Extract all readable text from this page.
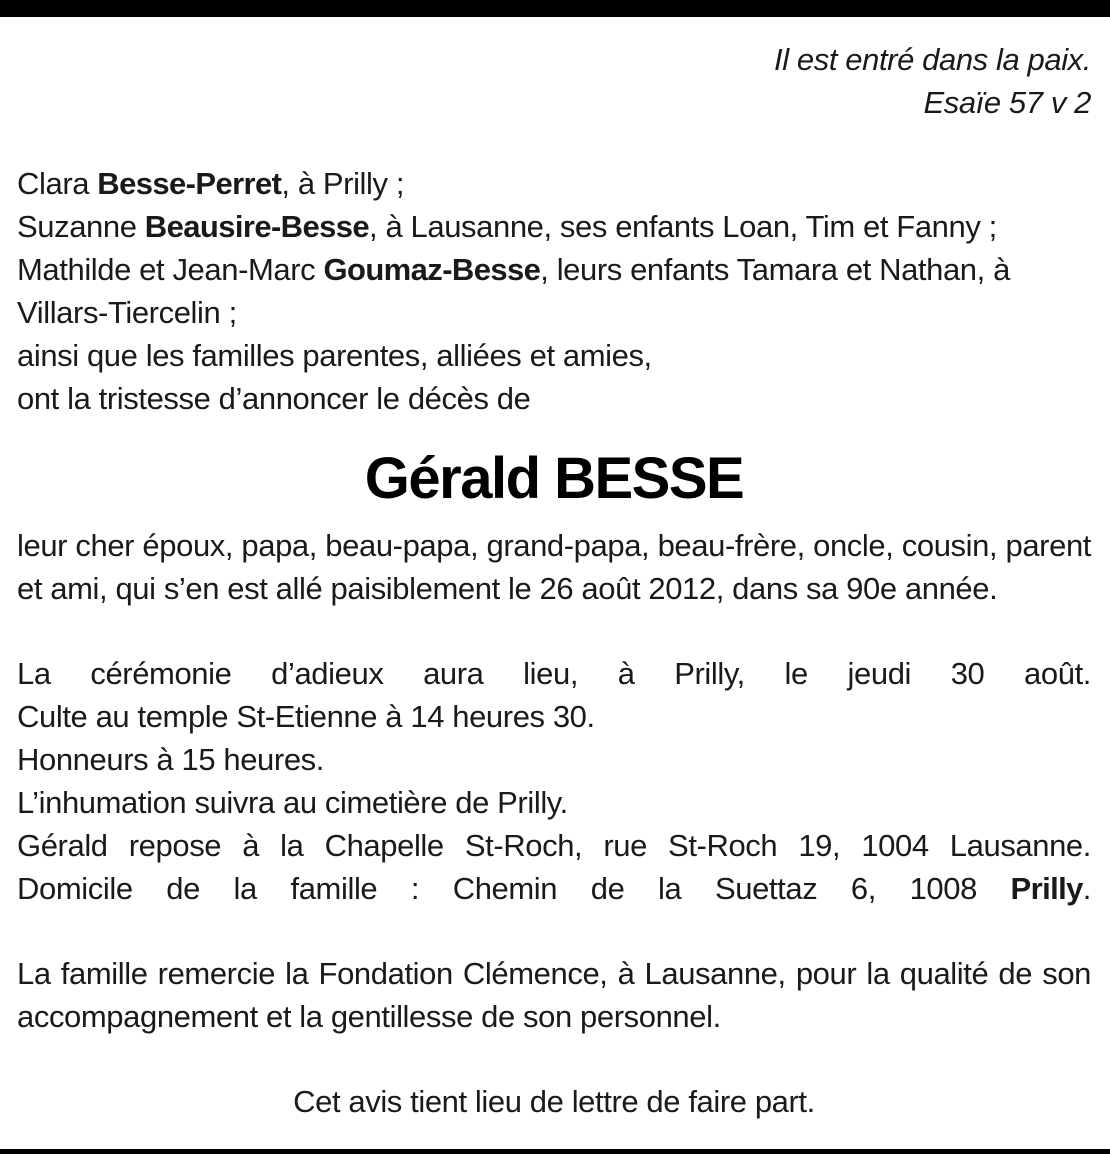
Il est entré dans la paix.
Esaïe 57 v 2
Clara Besse-Perret, à Prilly ;
Suzanne Beausire-Besse, à Lausanne, ses enfants Loan, Tim et Fanny ;
Mathilde et Jean-Marc Goumaz-Besse, leurs enfants Tamara et Nathan, à Villars-Tiercelin ;
ainsi que les familles parentes, alliées et amies,
ont la tristesse d’annoncer le décès de
Gérald BESSE
leur cher époux, papa, beau-papa, grand-papa, beau-frère, oncle, cousin, parent et ami, qui s’en est allé paisiblement le 26 août 2012, dans sa 90e année.
La cérémonie d’adieux aura lieu, à Prilly, le jeudi 30 août.
Culte au temple St-Etienne à 14 heures 30.
Honneurs à 15 heures.
L’inhumation suivra au cimetière de Prilly.
Gérald repose à la Chapelle St-Roch, rue St-Roch 19, 1004 Lausanne.
Domicile de la famille : Chemin de la Suettaz 6, 1008 Prilly.
La famille remercie la Fondation Clémence, à Lausanne, pour la qualité de son accompagnement et la gentillesse de son personnel.
Cet avis tient lieu de lettre de faire part.
